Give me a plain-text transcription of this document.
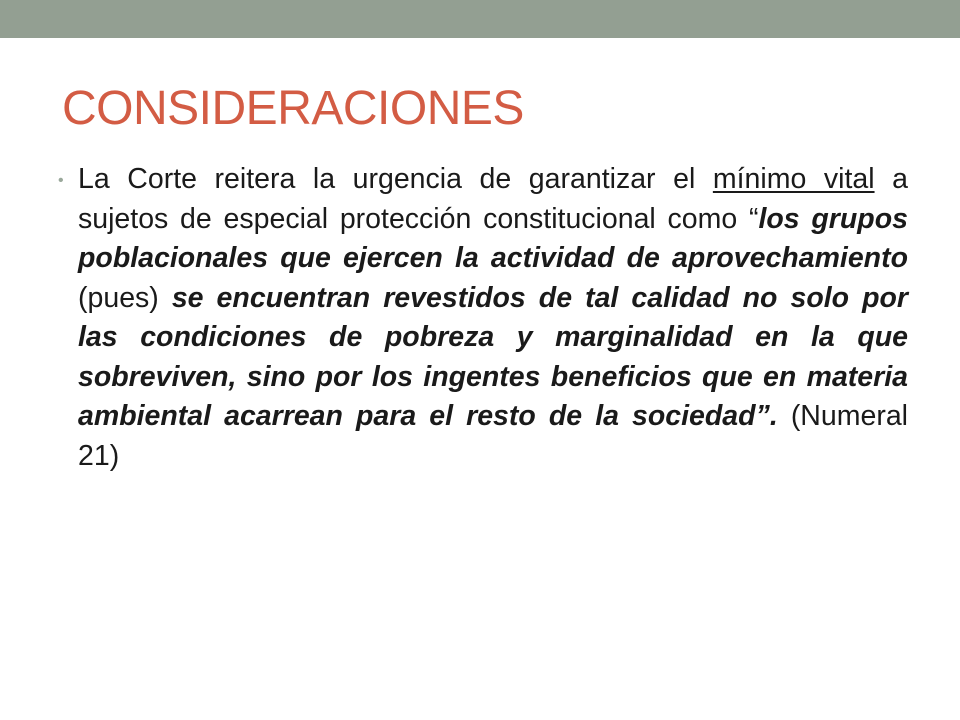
CONSIDERACIONES
• La Corte reitera la urgencia de garantizar el mínimo vital a sujetos de especial protección constitucional como “los grupos poblacionales que ejercen la actividad de aprovechamiento (pues) se encuentran revestidos de tal calidad no solo por las condiciones de pobreza y marginalidad en la que sobreviven, sino por los ingentes beneficios que en materia ambiental acarrean para el resto de la sociedad”. (Numeral 21)
